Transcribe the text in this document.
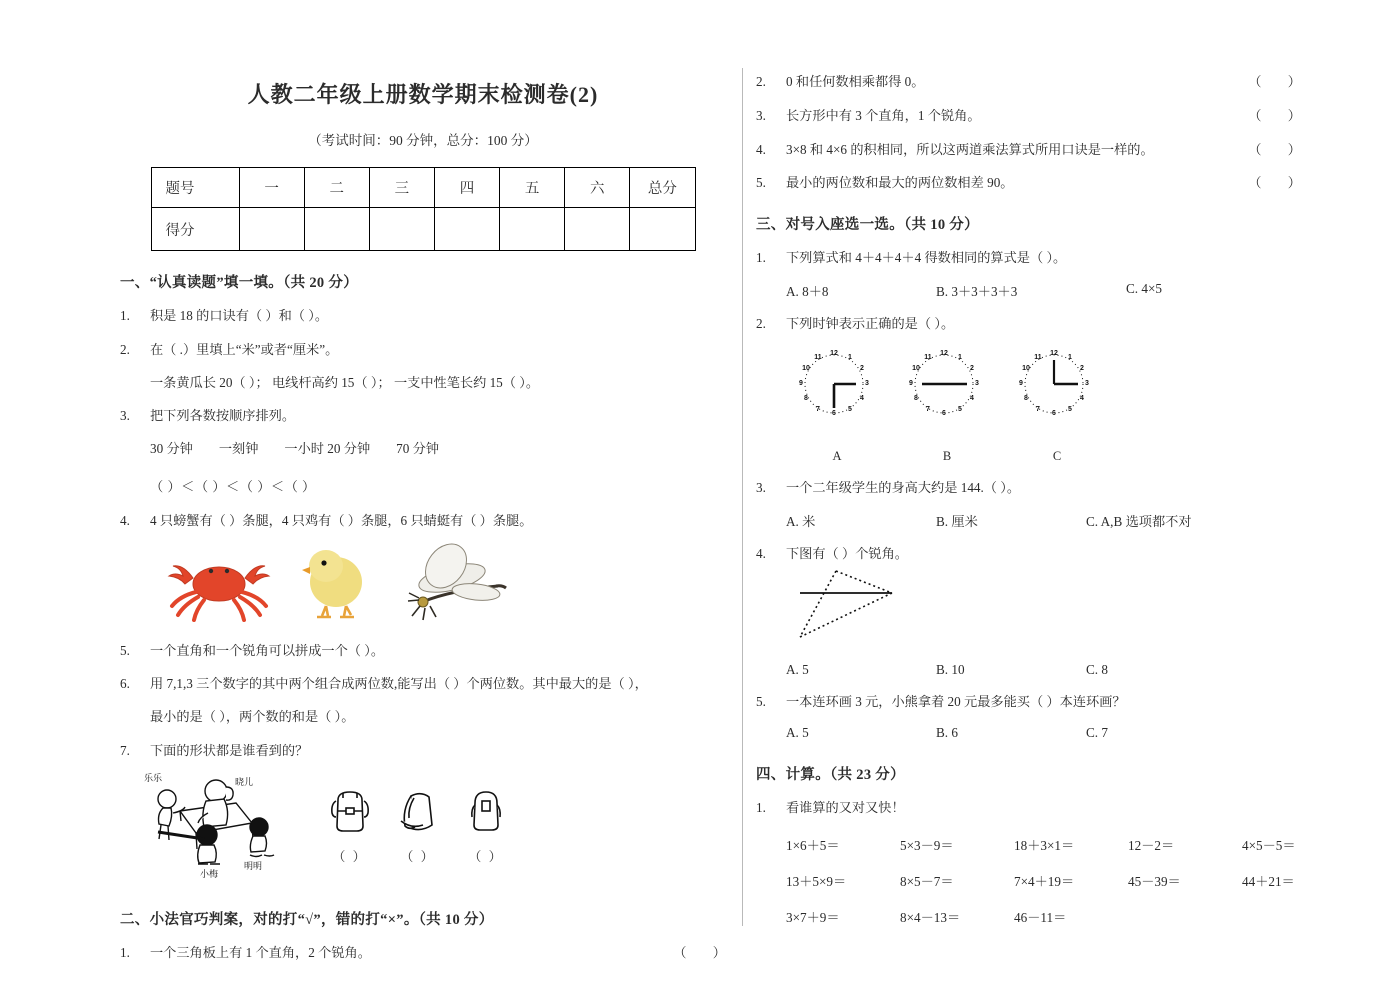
人教二年级上册数学期末检测卷(2)
（考试时间：90 分钟，总分：100 分）
题号	一	二	三	四	五	六	总分
得分							
一、“认真读题”填一填。（共 20 分）
1.	积是 18 的口诀有（ ）和（ ）。
2.	在（ .）里填上“米”或者“厘米”。
一条黄瓜长 20（ ）； 电线杆高约 15（ ）； 一支中性笔长约 15（ ）。
3.	把下列各数按顺序排列。
30 分钟 一刻钟 一小时 20 分钟 70 分钟
（ ）＜（ ）＜（ ）＜（ ）
4.	4 只螃蟹有（ ）条腿，4 只鸡有（ ）条腿，6 只蜻蜓有（ ）条腿。
5.	一个直角和一个锐角可以拼成一个（ ）。
6.	用 7,1,3 三个数字的其中两个组合成两位数,能写出（ ）个两位数。其中最大的是（ ），
最小的是（ ），两个数的和是（ ）。
7.	下面的形状都是谁看到的？
乐乐	晓儿
小梅
明明
（ ）	（ ）	（ ）
二、小法官巧判案，对的打“√”，错的打“×”。（共 10 分）
1.	一个三角板上有 1 个直角，2 个锐角。	（        ）
2.	0 和任何数相乘都得 0。	（        ）
3.	长方形中有 3 个直角，1 个锐角。	（        ）
4.	3×8 和 4×6 的积相同，所以这两道乘法算式所用口诀是一样的。	（        ）
5.	最小的两位数和最大的两位数相差 90。	（        ）
三、对号入座选一选。（共 10 分）
1.	下列算式和 4＋4＋4＋4 得数相同的算式是（ ）。
A. 8＋8	B. 3＋3＋3＋3	C. 4×5
2.	下列时钟表示正确的是（ ）。
12
1
2
3
4
5
6
7
8
9
10
11
A
12
1
2
3
4
5
6
7
8
9
10
11
B
12
1
2
3
4
5
6
7
8
9
10
11
C
3.	一个二年级学生的身高大约是 144.（ ）。
A. 米	B. 厘米	C. A,B 选项都不对
4.	下图有（ ）个锐角。
A. 5	B. 10	C. 8
5.	一本连环画 3 元，小熊拿着 20 元最多能买（ ）本连环画？
A. 5	B. 6	C. 7
四、计算。（共 23 分）
1.	看谁算的又对又快！
1×6＋5＝	5×3－9＝	18＋3×1＝	12－2＝	4×5－5＝
13＋5×9＝	8×5－7＝	7×4＋19＝	45－39＝	44＋21＝
3×7＋9＝	8×4－13＝	46－11＝
